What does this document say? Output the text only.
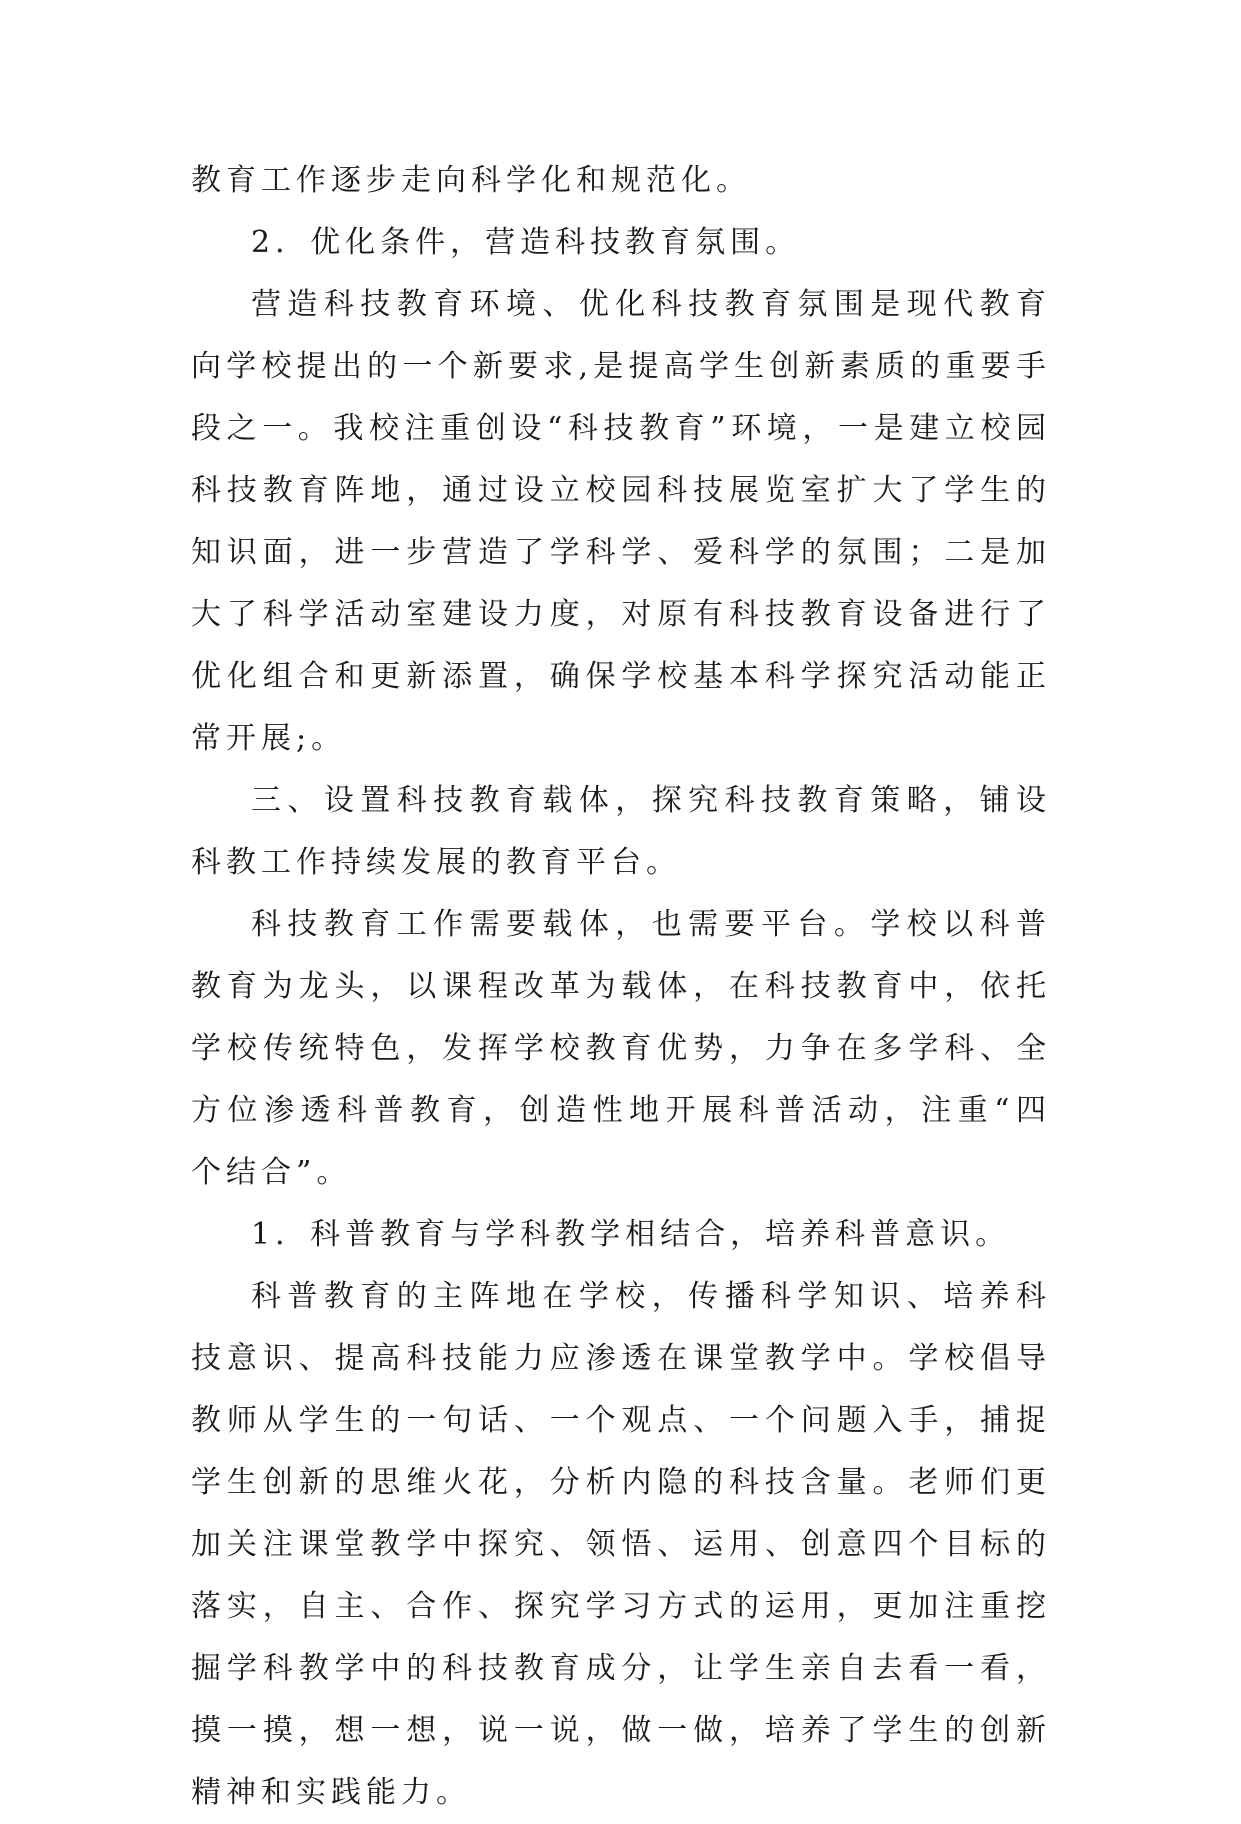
教育工作逐步走向科学化和规范化。

2．优化条件，营造科技教育氛围。

营造科技教育环境、优化科技教育氛围是现代教育向学校提出的一个新要求,是提高学生创新素质的重要手段之一。我校注重创设“科技教育”环境，一是建立校园科技教育阵地，通过设立校园科技展览室扩大了学生的知识面，进一步营造了学科学、爱科学的氛围；二是加大了科学活动室建设力度，对原有科技教育设备进行了优化组合和更新添置，确保学校基本科学探究活动能正常开展;。

三、设置科技教育载体，探究科技教育策略，铺设科教工作持续发展的教育平台。

科技教育工作需要载体，也需要平台。学校以科普教育为龙头，以课程改革为载体，在科技教育中，依托学校传统特色，发挥学校教育优势，力争在多学科、全方位渗透科普教育，创造性地开展科普活动，注重“四个结合”。

1．科普教育与学科教学相结合，培养科普意识。

科普教育的主阵地在学校，传播科学知识、培养科技意识、提高科技能力应渗透在课堂教学中。学校倡导教师从学生的一句话、一个观点、一个问题入手，捕捉学生创新的思维火花，分析内隐的科技含量。老师们更加关注课堂教学中探究、领悟、运用、创意四个目标的落实，自主、合作、探究学习方式的运用，更加注重挖掘学科教学中的科技教育成分，让学生亲自去看一看，摸一摸，想一想，说一说，做一做，培养了学生的创新精神和实践能力。
